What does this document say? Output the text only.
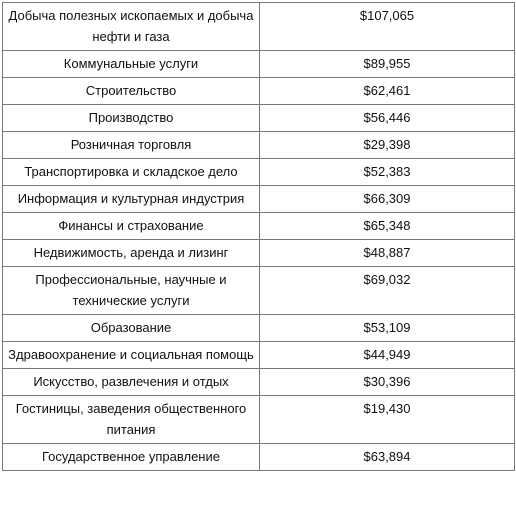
Добыча полезных ископаемых и добыча нефти и газа	$107,065
Коммунальные услуги	$89,955
Строительство	$62,461
Производство	$56,446
Розничная торговля	$29,398
Транспортировка и складское дело	$52,383
Информация и культурная индустрия	$66,309
Финансы и страхование	$65,348
Недвижимость, аренда и лизинг	$48,887
Профессиональные, научные и технические услуги	$69,032
Образование	$53,109
Здравоохранение и социальная помощь	$44,949
Искусство, развлечения и отдых	$30,396
Гостиницы, заведения общественного питания	$19,430
Государственное управление	$63,894
